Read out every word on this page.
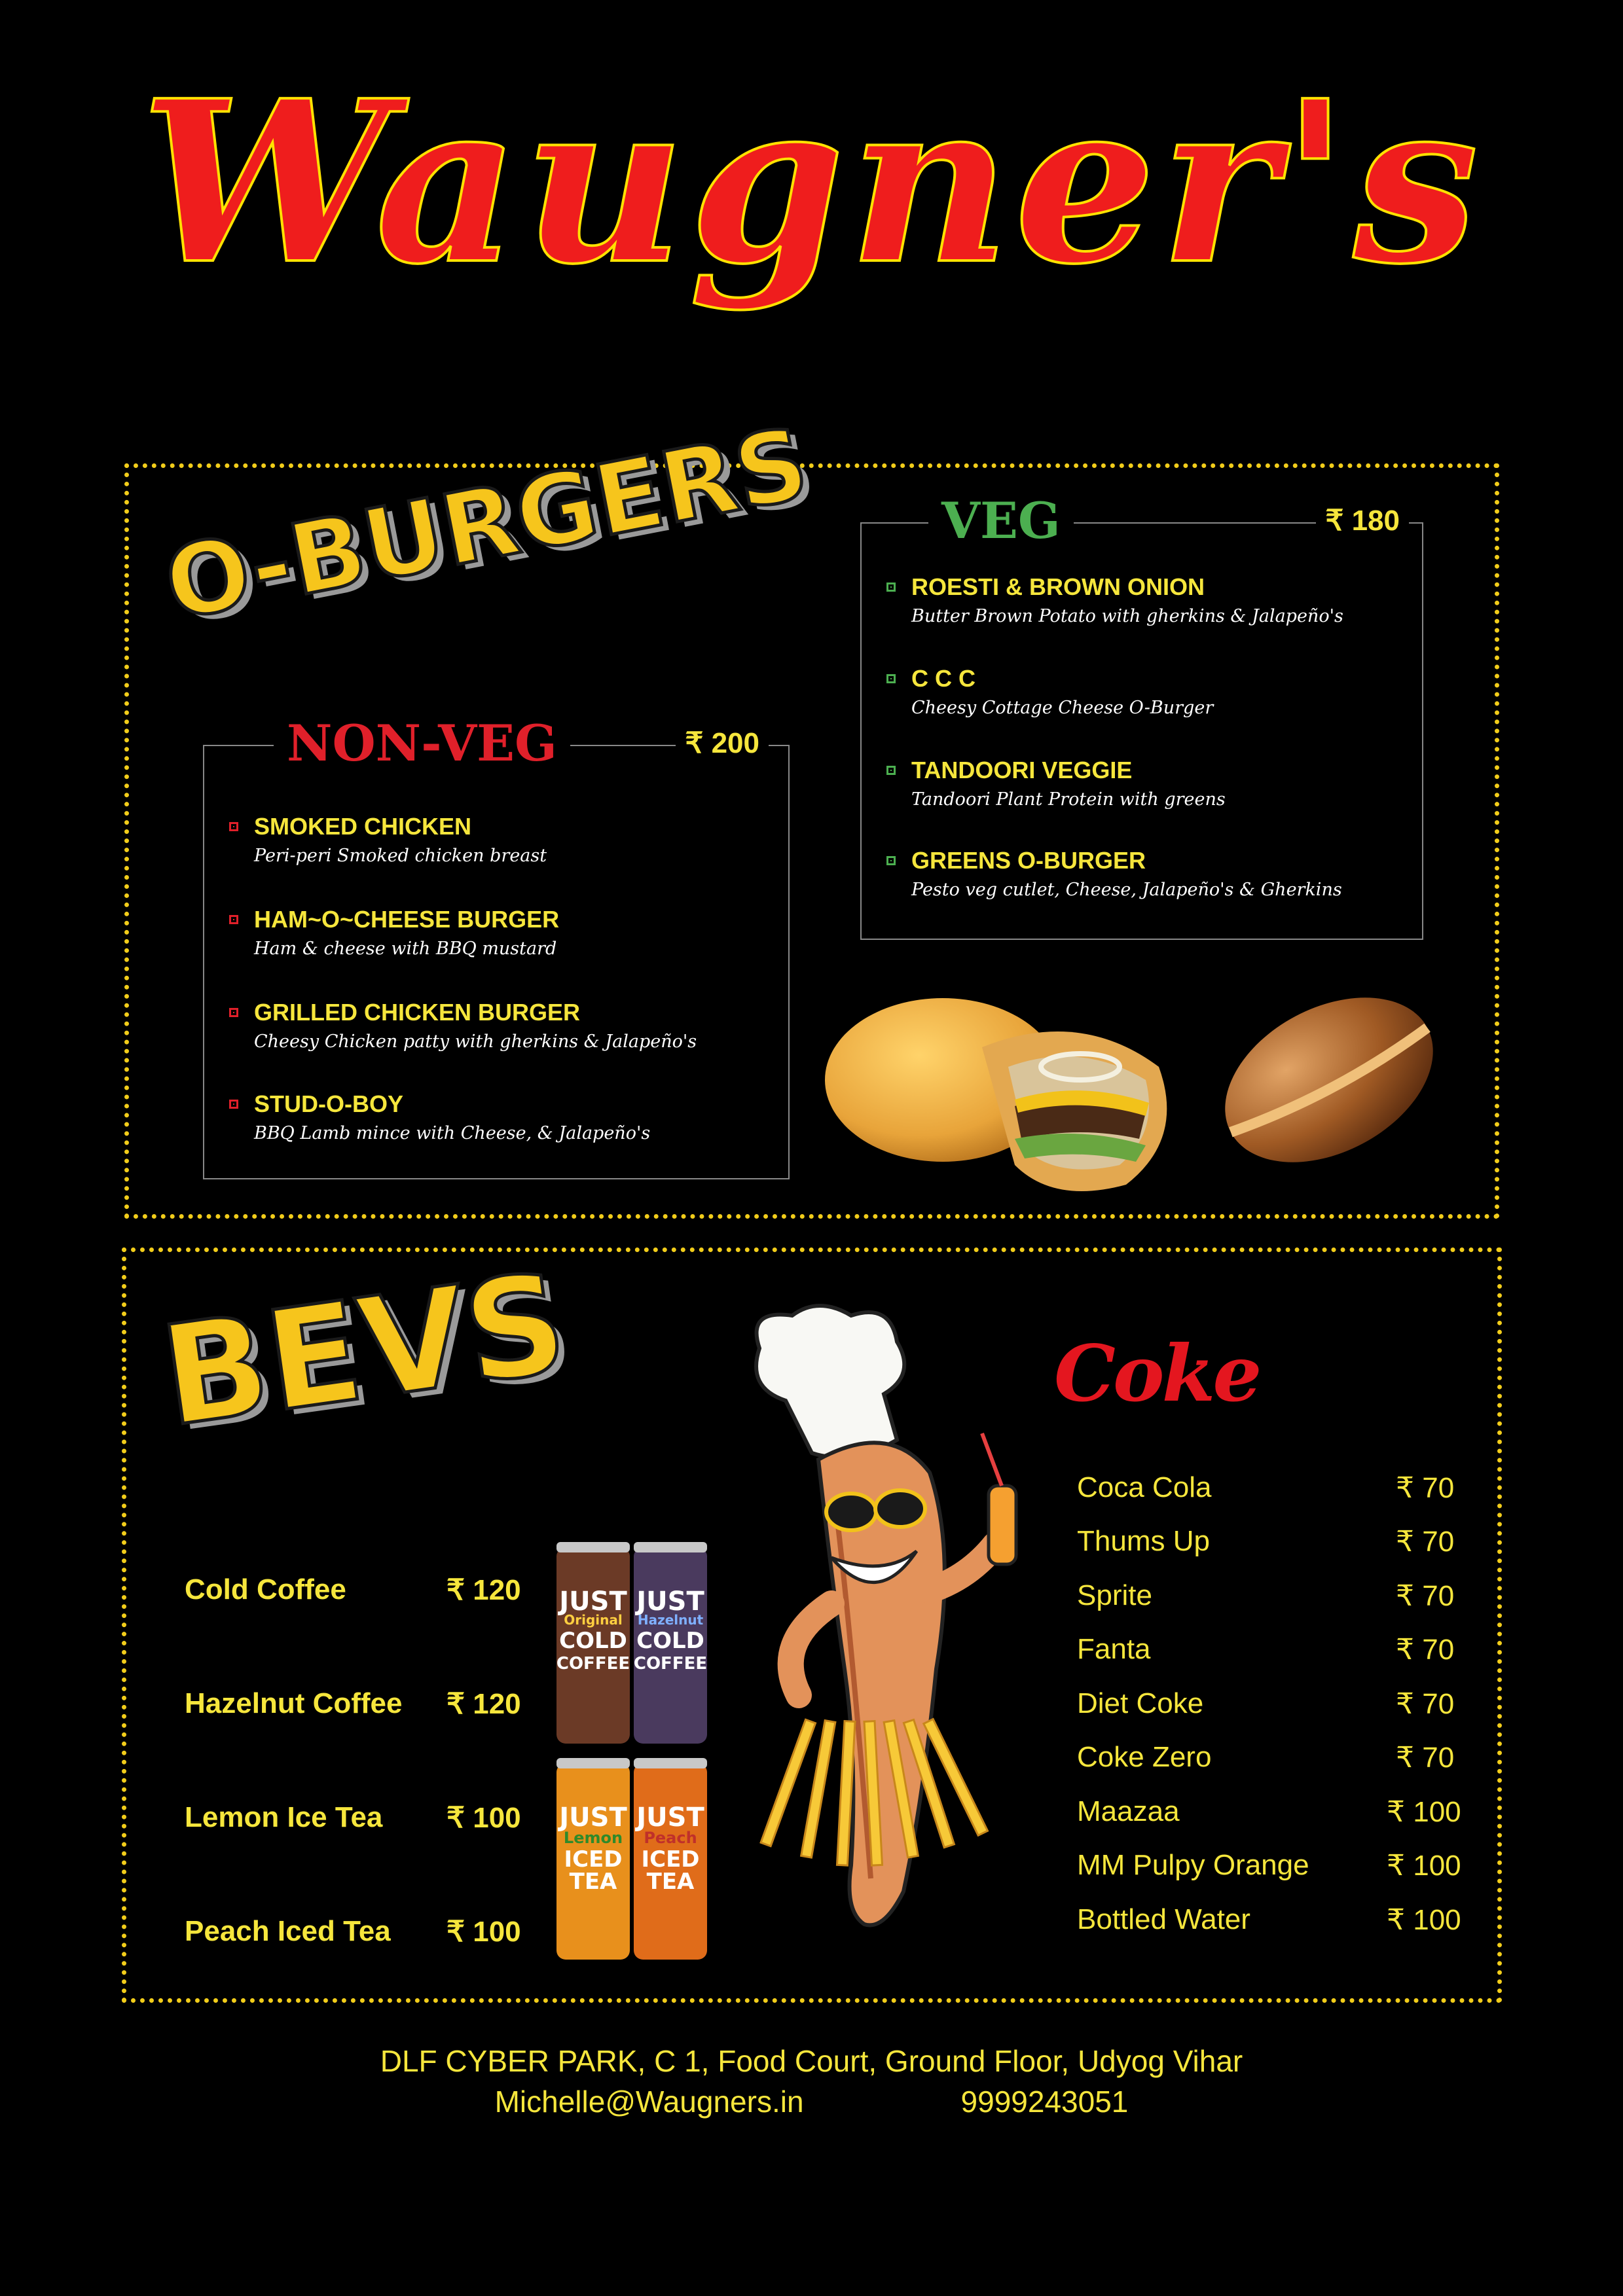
Waugner's
O-BURGERS
NON-VEG	₹ 200
SMOKED CHICKEN
Peri-peri Smoked chicken breast
HAM~O~CHEESE BURGER
Ham & cheese with BBQ mustard
GRILLED CHICKEN BURGER
Cheesy Chicken patty with gherkins & Jalapeño's
STUD-O-BOY
BBQ Lamb mince with Cheese, & Jalapeño's
VEG	₹ 180
ROESTI & BROWN ONION
Butter Brown Potato with gherkins & Jalapeño's
C C C
Cheesy Cottage Cheese O-Burger
TANDOORI VEGGIE
Tandoori Plant Protein with greens
GREENS O-BURGER
Pesto veg cutlet, Cheese, Jalapeño's & Gherkins
BEVS
Cold Coffee	₹ 120
Hazelnut Coffee ₹ 120
Lemon Ice Tea ₹ 100
Peach Iced Tea ₹ 100
JUST
Original
COLD
COFFEE
JUST
Hazelnut
COLD
COFFEE
JUST
Lemon
ICED
TEA
JUST
Peach
ICED
TEA
Coke
Coca Cola	₹ 70
Thums Up	₹ 70
Sprite	₹ 70
Fanta	₹ 70
Diet Coke	₹ 70
Coke Zero	₹ 70
Maazaa	₹ 100
MM Pulpy Orange	₹ 100
Bottled Water	₹ 100
DLF CYBER PARK, C 1, Food Court, Ground Floor, Udyog Vihar
Michelle@Waugners.in	9999243051
